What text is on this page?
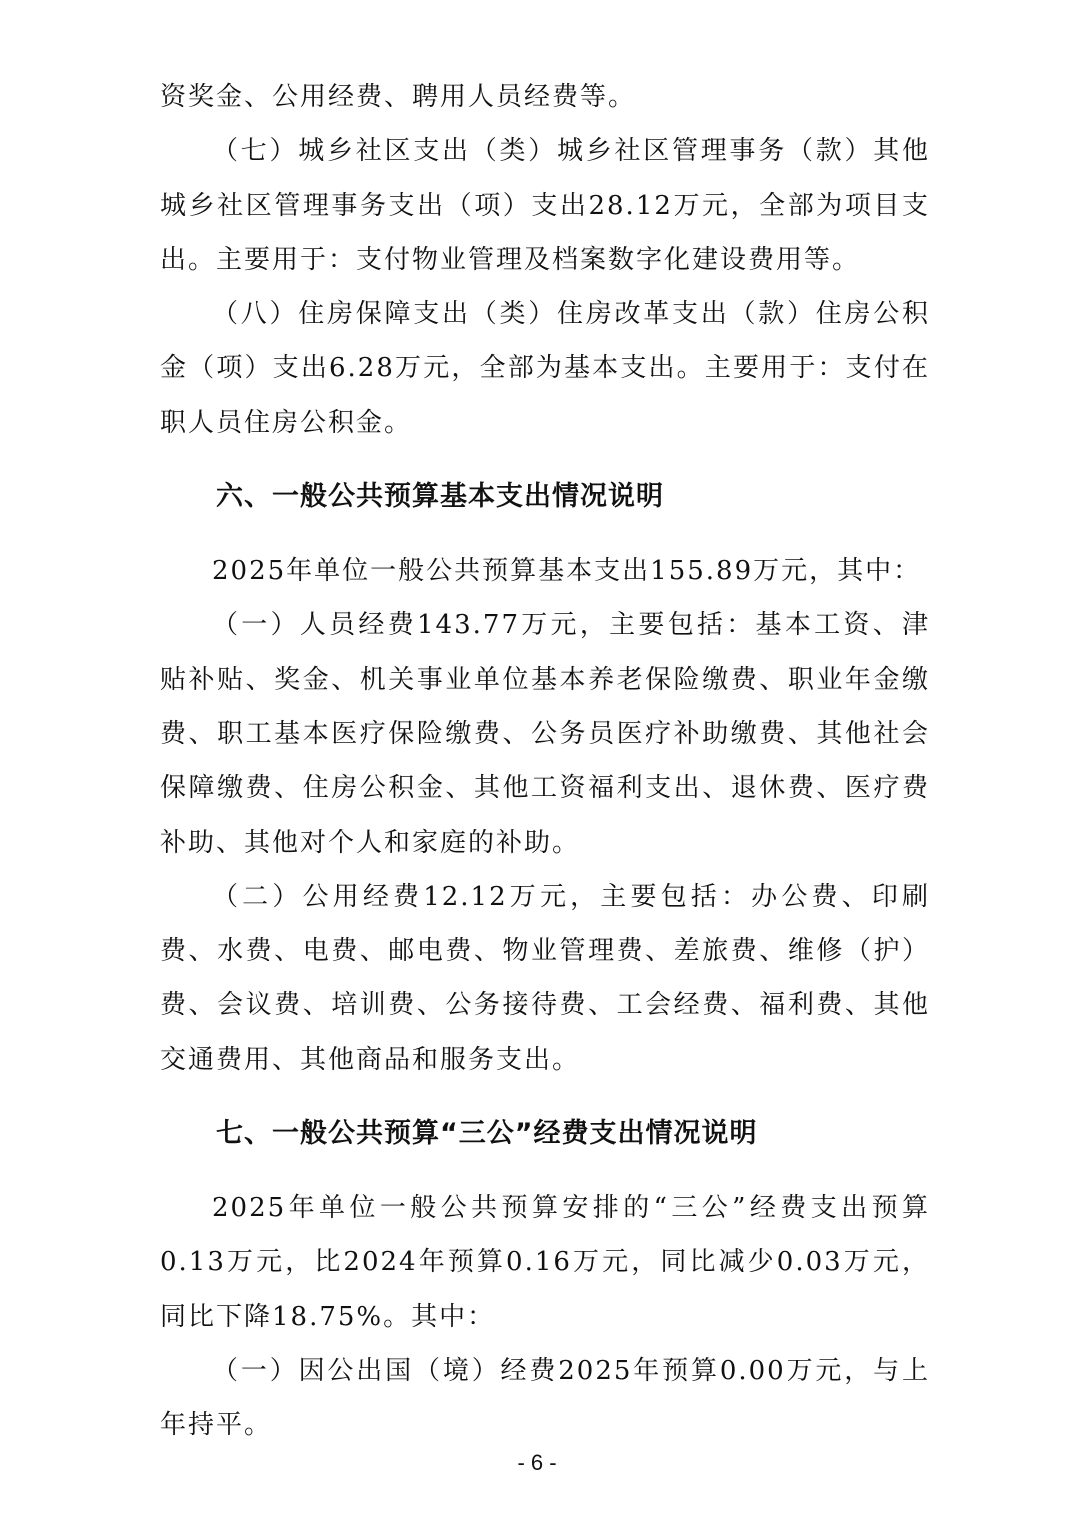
资奖金、公用经费、聘用人员经费等。

（七）城乡社区支出（类）城乡社区管理事务（款）其他城乡社区管理事务支出（项）支出28.12万元，全部为项目支出。主要用于：支付物业管理及档案数字化建设费用等。

（八）住房保障支出（类）住房改革支出（款）住房公积金（项）支出6.28万元，全部为基本支出。主要用于：支付在职人员住房公积金。

六、一般公共预算基本支出情况说明

2025年单位一般公共预算基本支出155.89万元，其中：

（一）人员经费143.77万元，主要包括：基本工资、津贴补贴、奖金、机关事业单位基本养老保险缴费、职业年金缴费、职工基本医疗保险缴费、公务员医疗补助缴费、其他社会保障缴费、住房公积金、其他工资福利支出、退休费、医疗费补助、其他对个人和家庭的补助。

（二）公用经费12.12万元，主要包括：办公费、印刷费、水费、电费、邮电费、物业管理费、差旅费、维修（护）费、会议费、培训费、公务接待费、工会经费、福利费、其他交通费用、其他商品和服务支出。

七、一般公共预算“三公”经费支出情况说明

2025年单位一般公共预算安排的“三公”经费支出预算0.13万元，比2024年预算0.16万元，同比减少0.03万元，同比下降18.75%。其中：

（一）因公出国（境）经费2025年预算0.00万元，与上年持平。

- 6 -
